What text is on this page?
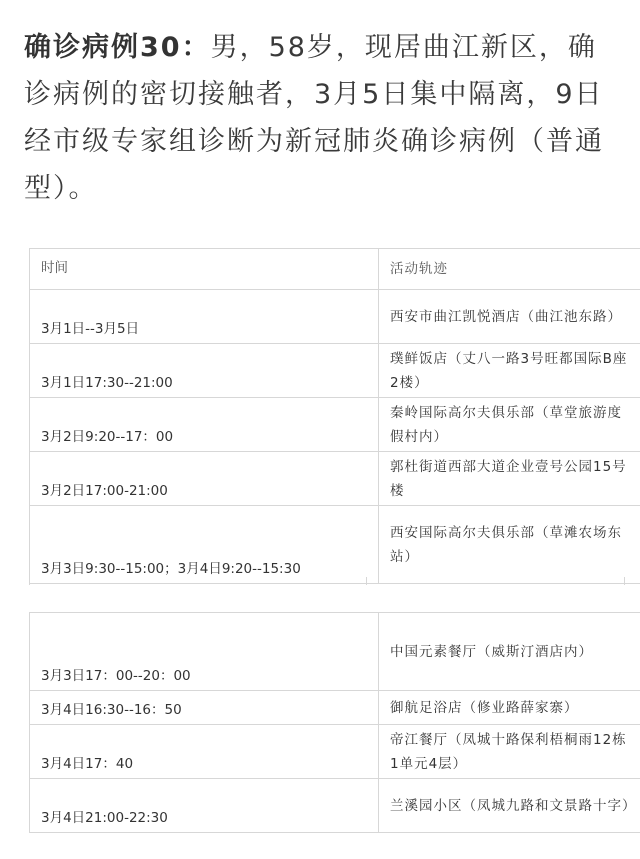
确诊病例30：男，58岁，现居曲江新区，确诊病例的密切接触者，3月5日集中隔离，9日经市级专家组诊断为新冠肺炎确诊病例（普通型）。

时间	活动轨迹
3月1日--3月5日	西安市曲江凯悦酒店（曲江池东路）
3月1日17:30--21:00	璞鲜饭店（丈八一路3号旺都国际B座2楼）
3月2日9:20--17：00	秦岭国际高尔夫俱乐部（草堂旅游度假村内）
3月2日17:00-21:00	郭杜街道西部大道企业壹号公园15号楼
3月3日9:30--15:00；3月4日9:20--15:30	西安国际高尔夫俱乐部（草滩农场东站）
3月3日17：00--20：00	中国元素餐厅（威斯汀酒店内）
3月4日16:30--16：50	御航足浴店（修业路薛家寨）
3月4日17：40	帝江餐厅（凤城十路保利梧桐雨12栋1单元4层）
3月4日21:00-22:30	兰溪园小区（凤城九路和文景路十字）
